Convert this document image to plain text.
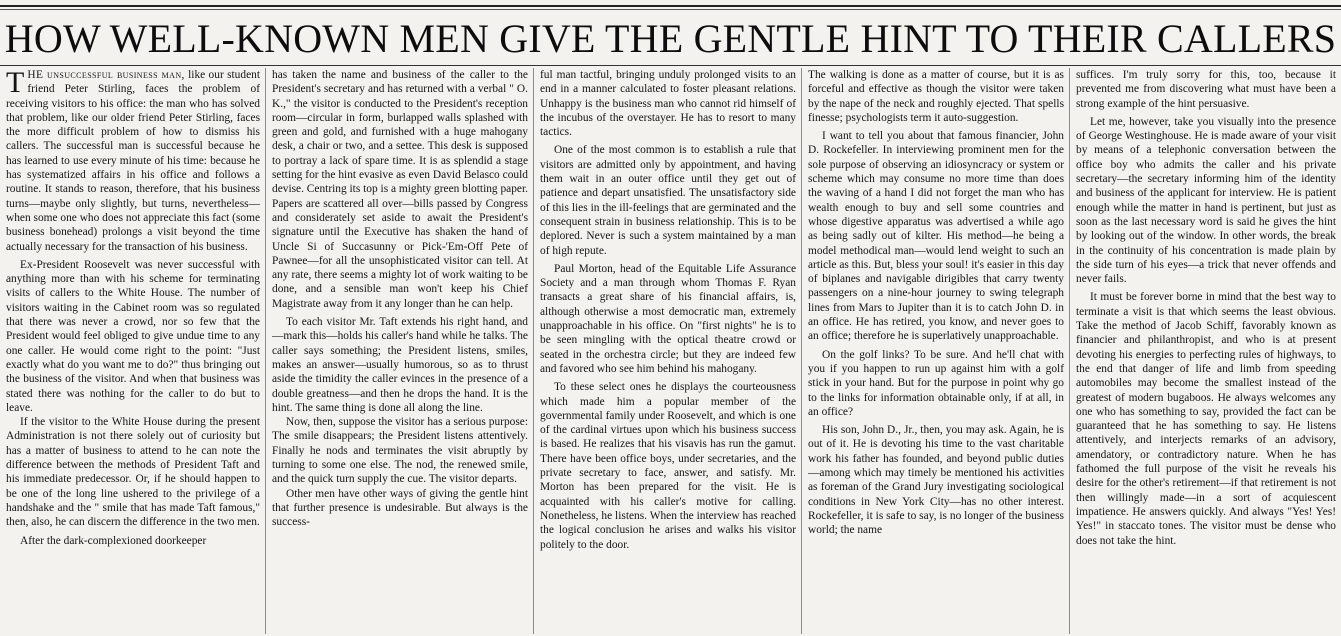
HOW WELL-KNOWN MEN GIVE THE GENTLE HINT TO THEIR CALLERS

THE unsuccessful business man, like our student friend Peter Stirling, faces the problem of receiving visitors to his office: the man who has solved that problem, like our older friend Peter Stirling, faces the more difficult problem of how to dismiss his callers. The successful man is successful because he has learned to use every minute of his time: because he has systematized affairs in his office and follows a routine. It stands to reason, therefore, that his business turns—maybe only slightly, but turns, nevertheless—when some one who does not appreciate this fact (some business bonehead) prolongs a visit beyond the time actually necessary for the transaction of his business.

Ex-President Roosevelt was never successful with anything more than with his scheme for terminating visits of callers to the White House. The number of visitors waiting in the Cabinet room was so regulated that there was never a crowd, nor so few that the President would feel obliged to give undue time to any one caller. He would come right to the point: "Just exactly what do you want me to do?" thus bringing out the business of the visitor. And when that business was stated there was nothing for the caller to do but to leave.

If the visitor to the White House during the present Administration is not there solely out of curiosity but has a matter of business to attend to he can note the difference between the methods of President Taft and his immediate predecessor. Or, if he should happen to be one of the long line ushered to the privilege of a handshake and the " smile that has made Taft famous," then, also, he can discern the difference in the two men.

After the dark-complexioned doorkeeper

has taken the name and business of the caller to the President's secretary and has returned with a verbal " O. K.," the visitor is conducted to the President's reception room—circular in form, burlapped walls splashed with green and gold, and furnished with a huge mahogany desk, a chair or two, and a settee. This desk is supposed to portray a lack of spare time. It is as splendid a stage setting for the hint evasive as even David Belasco could devise. Centring its top is a mighty green blotting paper. Papers are scattered all over—bills passed by Congress and considerately set aside to await the President's signature until the Executive has shaken the hand of Uncle Si of Succasunny or Pick-'Em-Off Pete of Pawnee—for all the unsophisticated visitor can tell. At any rate, there seems a mighty lot of work waiting to be done, and a sensible man won't keep his Chief Magistrate away from it any longer than he can help.

To each visitor Mr. Taft extends his right hand, and—mark this—holds his caller's hand while he talks. The caller says something; the President listens, smiles, makes an answer—usually humorous, so as to thrust aside the timidity the caller evinces in the presence of a double greatness—and then he drops the hand. It is the hint. The same thing is done all along the line.

Now, then, suppose the visitor has a serious purpose: The smile disappears; the President listens attentively. Finally he nods and terminates the visit abruptly by turning to some one else. The nod, the renewed smile, and the quick turn supply the cue. The visitor departs.

Other men have other ways of giving the gentle hint that further presence is undesirable. But always is the success-

ful man tactful, bringing unduly prolonged visits to an end in a manner calculated to foster pleasant relations. Unhappy is the business man who cannot rid himself of the incubus of the overstayer. He has to resort to many tactics.

One of the most common is to establish a rule that visitors are admitted only by appointment, and having them wait in an outer office until they get out of patience and depart unsatisfied. The unsatisfactory side of this lies in the ill-feelings that are germinated and the consequent strain in business relationship. This is to be deplored. Never is such a system maintained by a man of high repute.

Paul Morton, head of the Equitable Life Assurance Society and a man through whom Thomas F. Ryan transacts a great share of his financial affairs, is, although otherwise a most democratic man, extremely unapproachable in his office. On "first nights" he is to be seen mingling with the optical theatre crowd or seated in the orchestra circle; but they are indeed few and favored who see him behind his mahogany.

To these select ones he displays the courteousness which made him a popular member of the governmental family under Roosevelt, and which is one of the cardinal virtues upon which his business success is based. He realizes that his visavis has run the gamut. There have been office boys, under secretaries, and the private secretary to face, answer, and satisfy. Mr. Morton has been prepared for the visit. He is acquainted with his caller's motive for calling. Nonetheless, he listens. When the interview has reached the logical conclusion he arises and walks his visitor politely to the door.

The walking is done as a matter of course, but it is as forceful and effective as though the visitor were taken by the nape of the neck and roughly ejected. That spells finesse; psychologists term it auto-suggestion.

I want to tell you about that famous financier, John D. Rockefeller. In interviewing prominent men for the sole purpose of observing an idiosyncracy or system or scheme which may consume no more time than does the waving of a hand I did not forget the man who has wealth enough to buy and sell some countries and whose digestive apparatus was advertised a while ago as being sadly out of kilter. His method—he being a model methodical man—would lend weight to such an article as this. But, bless your soul! it's easier in this day of biplanes and navigable dirigibles that carry twenty passengers on a nine-hour journey to swing telegraph lines from Mars to Jupiter than it is to catch John D. in an office. He has retired, you know, and never goes to an office; therefore he is superlatively unapproachable.

On the golf links? To be sure. And he'll chat with you if you happen to run up against him with a golf stick in your hand. But for the purpose in point why go to the links for information obtainable only, if at all, in an office?

His son, John D., Jr., then, you may ask. Again, he is out of it. He is devoting his time to the vast charitable work his father has founded, and beyond public duties—among which may timely be mentioned his activities as foreman of the Grand Jury investigating sociological conditions in New York City—has no other interest. Rockefeller, it is safe to say, is no longer of the business world; the name

suffices. I'm truly sorry for this, too, because it prevented me from discovering what must have been a strong example of the hint persuasive.

Let me, however, take you visually into the presence of George Westinghouse. He is made aware of your visit by means of a telephonic conversation between the office boy who admits the caller and his private secretary—the secretary informing him of the identity and business of the applicant for interview. He is patient enough while the matter in hand is pertinent, but just as soon as the last necessary word is said he gives the hint by looking out of the window. In other words, the break in the continuity of his concentration is made plain by the side turn of his eyes—a trick that never offends and never fails.

It must be forever borne in mind that the best way to terminate a visit is that which seems the least obvious. Take the method of Jacob Schiff, favorably known as financier and philanthropist, and who is at present devoting his energies to perfecting rules of highways, to the end that danger of life and limb from speeding automobiles may become the smallest instead of the greatest of modern bugaboos. He always welcomes any one who has something to say, provided the fact can be guaranteed that he has something to say. He listens attentively, and interjects remarks of an advisory, amendatory, or contradictory nature. When he has fathomed the full purpose of the visit he reveals his desire for the other's retirement—if that retirement is not then willingly made—in a sort of acquiescent impatience. He answers quickly. And always "Yes! Yes! Yes!" in staccato tones. The visitor must be dense who does not take the hint.
